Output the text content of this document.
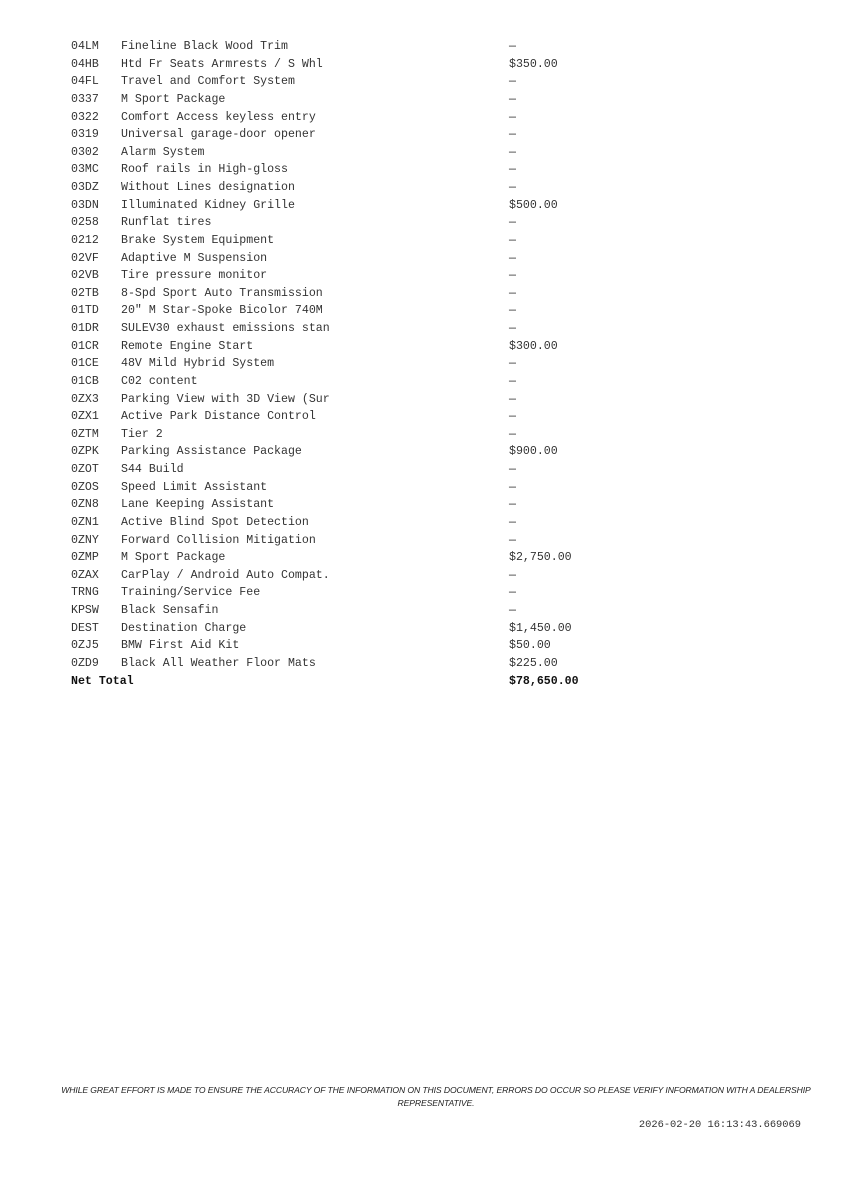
04LM	Fineline Black Wood Trim	—
04HB	Htd Fr Seats Armrests / S Whl	$350.00
04FL	Travel and Comfort System	—
0337	M Sport Package	—
0322	Comfort Access keyless entry	—
0319	Universal garage-door opener	—
0302	Alarm System	—
03MC	Roof rails in High-gloss	—
03DZ	Without Lines designation	—
03DN	Illuminated Kidney Grille	$500.00
0258	Runflat tires	—
0212	Brake System Equipment	—
02VF	Adaptive M Suspension	—
02VB	Tire pressure monitor	—
02TB	8-Spd Sport Auto Transmission	—
01TD	20" M Star-Spoke Bicolor 740M	—
01DR	SULEV30 exhaust emissions stan	—
01CR	Remote Engine Start	$300.00
01CE	48V Mild Hybrid System	—
01CB	C02 content	—
0ZX3	Parking View with 3D View (Sur	—
0ZX1	Active Park Distance Control	—
0ZTM	Tier 2	—
0ZPK	Parking Assistance Package	$900.00
0ZOT	S44 Build	—
0ZOS	Speed Limit Assistant	—
0ZN8	Lane Keeping Assistant	—
0ZN1	Active Blind Spot Detection	—
0ZNY	Forward Collision Mitigation	—
0ZMP	M Sport Package	$2,750.00
0ZAX	CarPlay / Android Auto Compat.	—
TRNG	Training/Service Fee	—
KPSW	Black Sensafin	—
DEST	Destination Charge	$1,450.00
0ZJ5	BMW First Aid Kit	$50.00
0ZD9	Black All Weather Floor Mats	$225.00
Net Total	$78,650.00
WHILE GREAT EFFORT IS MADE TO ENSURE THE ACCURACY OF THE INFORMATION ON THIS DOCUMENT, ERRORS DO OCCUR SO PLEASE VERIFY INFORMATION WITH A DEALERSHIP REPRESENTATIVE.
2026-02-20 16:13:43.669069
